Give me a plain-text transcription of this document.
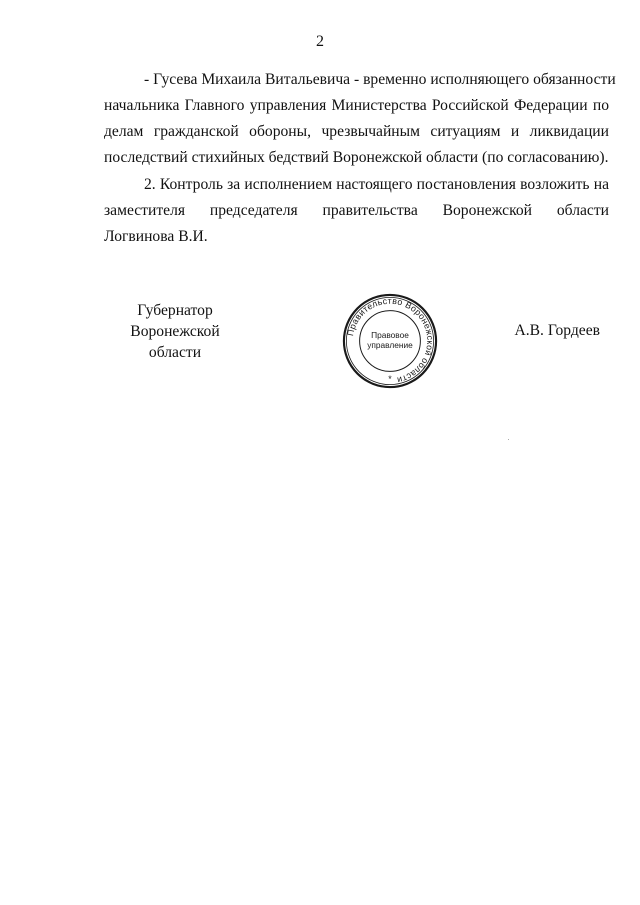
2
- Гусева Михаила Витальевича - временно исполняющего обязанности
начальника Главного управления Министерства Российской Федерации по
делам гражданской обороны, чрезвычайным ситуациям и ликвидации
последствий стихийных бедствий Воронежской области (по согласованию).
2. Контроль за исполнением настоящего постановления возложить на
заместителя председателя правительства Воронежской области
Логвинова В.И.
Губернатор
Воронежской области
Правительство Воронежской области
Правовое
управление
*
А.В. Гордеев
